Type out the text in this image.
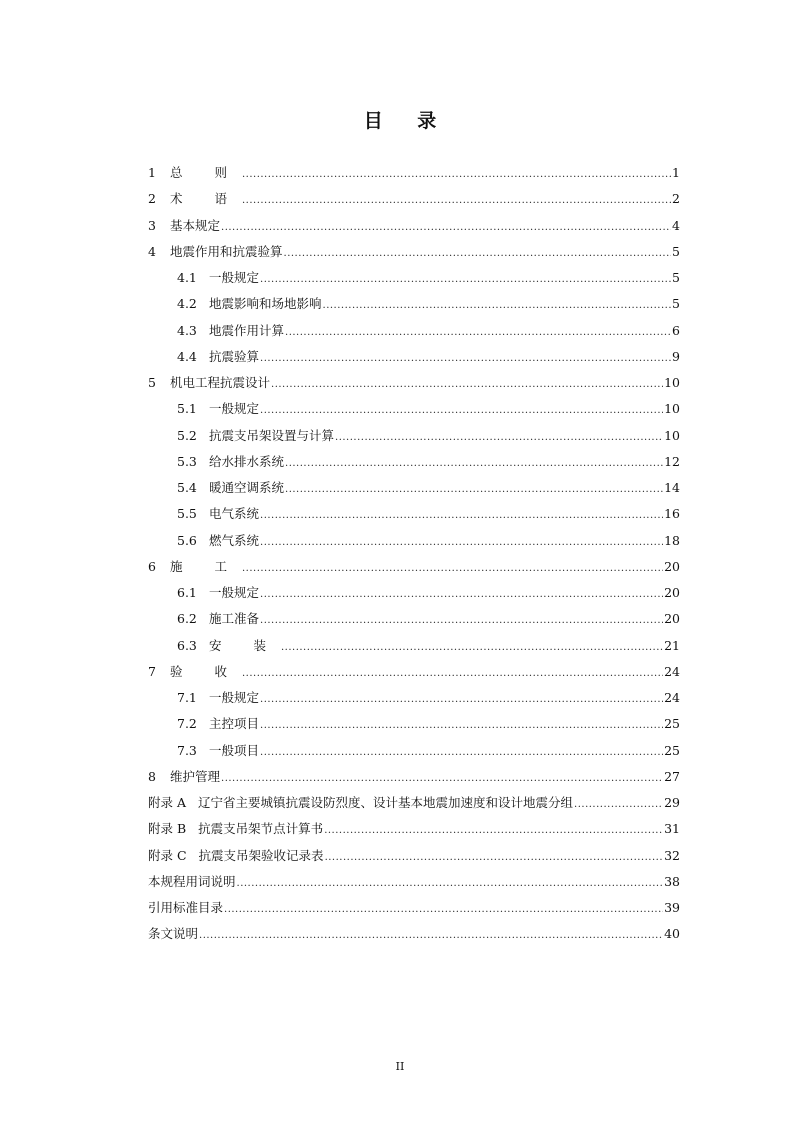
目 录
1	总 则 .....	1
2	术 语 .....	2
3	基本规定 .....	4
4	地震作用和抗震验算 .....	5
4.1 一般规定 .....	5
4.2 地震影响和场地影响 .....	5
4.3 地震作用计算 .....	6
4.4 抗震验算 .....	9
5	机电工程抗震设计 .....	10
5.1 一般规定 .....	10
5.2 抗震支吊架设置与计算 .....	10
5.3 给水排水系统 .....	12
5.4 暖通空调系统 .....	14
5.5 电气系统 .....	16
5.6 燃气系统 .....	18
6	施 工 .....	20
6.1 一般规定 .....	20
6.2 施工准备 .....	20
6.3 安 装 .....	21
7	验 收 .....	24
7.1 一般规定 .....	24
7.2 主控项目 .....	25
7.3 一般项目 .....	25
8	维护管理 .....	27
附录 A 辽宁省主要城镇抗震设防烈度、设计基本地震加速度和设计地震分组 .....	29
附录 B 抗震支吊架节点计算书 .....	31
附录 C 抗震支吊架验收记录表 .....	32
本规程用词说明 .....	38
引用标准目录 .....	39
条文说明 .....	40
II
